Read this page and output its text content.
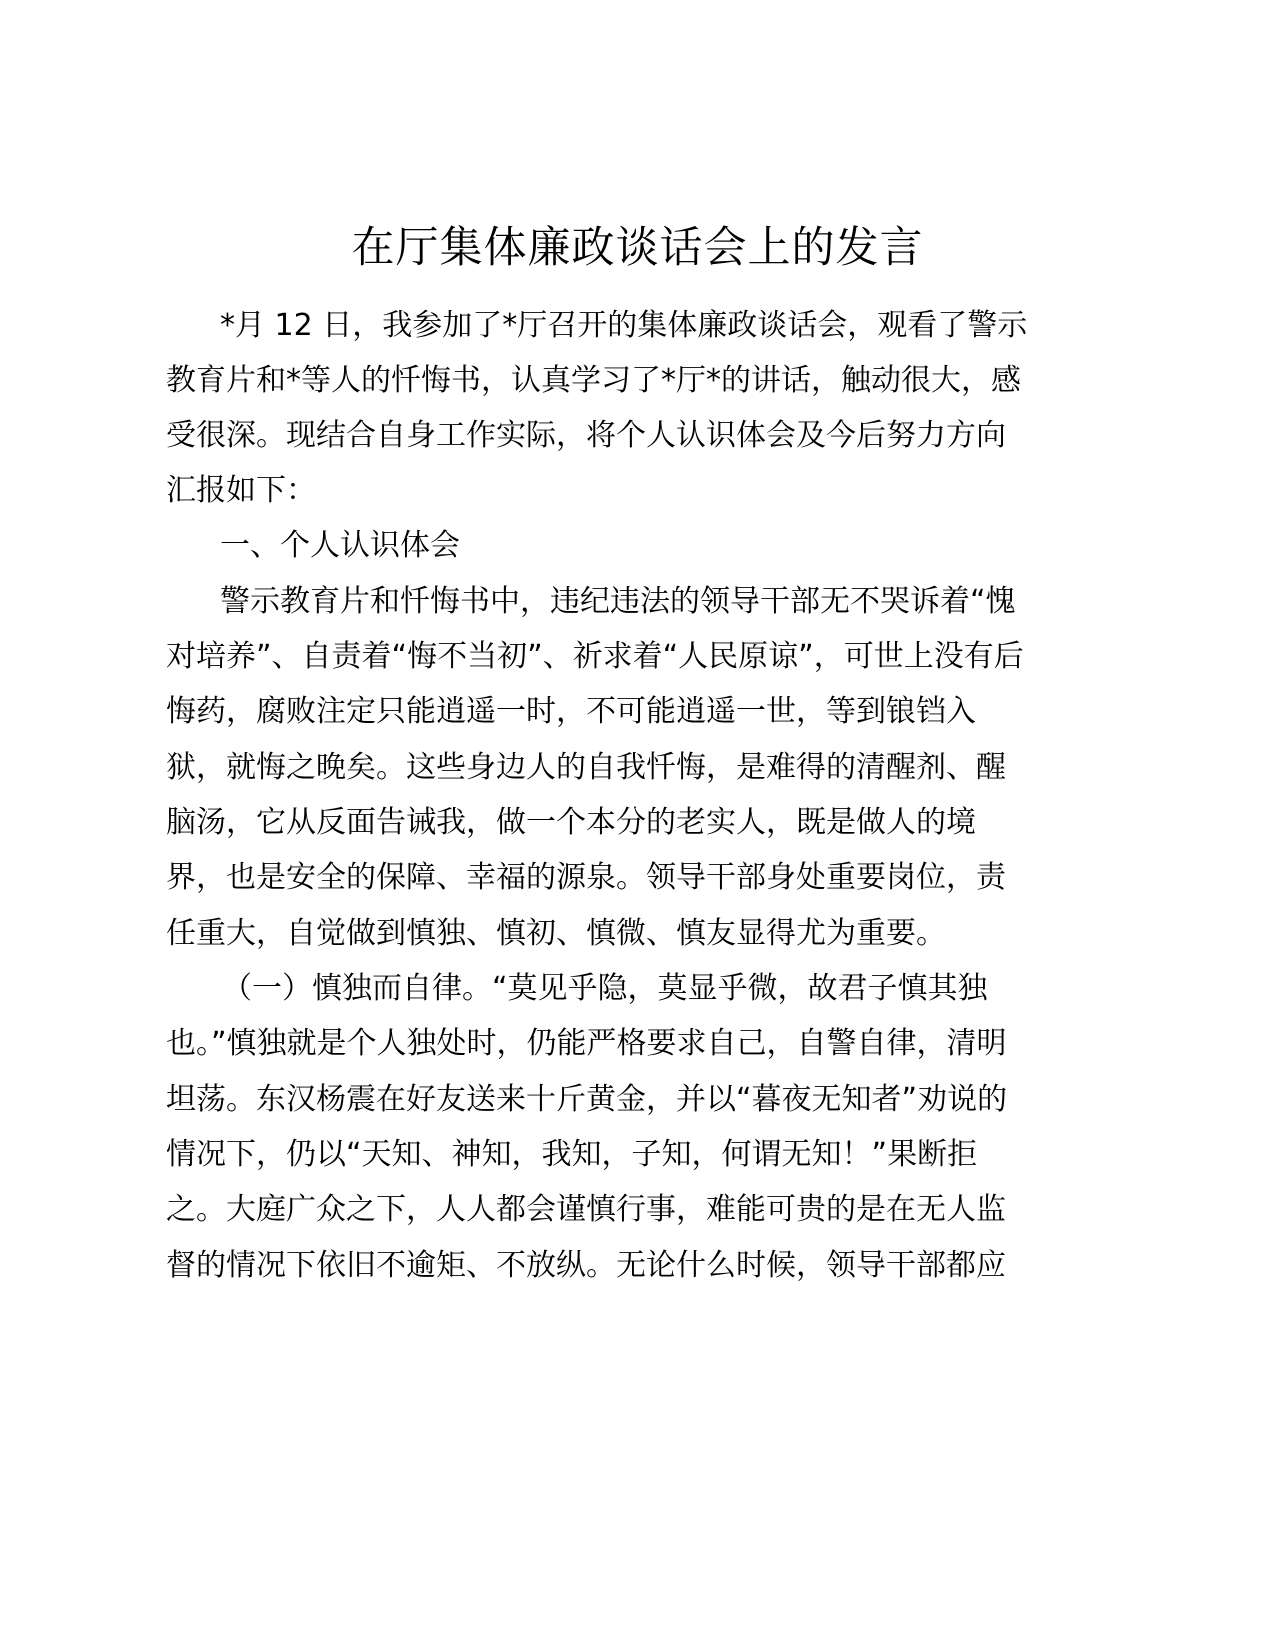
在厅集体廉政谈话会上的发言
*月 12 日，我参加了*厅召开的集体廉政谈话会，观看了警示
教育片和*等人的忏悔书，认真学习了*厅*的讲话，触动很大，感
受很深。现结合自身工作实际，将个人认识体会及今后努力方向
汇报如下：
一、个人认识体会
警示教育片和忏悔书中，违纪违法的领导干部无不哭诉着“愧
对培养”、自责着“悔不当初”、祈求着“人民原谅”，可世上没有后
悔药，腐败注定只能逍遥一时，不可能逍遥一世，等到锒铛入
狱，就悔之晚矣。这些身边人的自我忏悔，是难得的清醒剂、醒
脑汤，它从反面告诫我，做一个本分的老实人，既是做人的境
界，也是安全的保障、幸福的源泉。领导干部身处重要岗位，责
任重大，自觉做到慎独、慎初、慎微、慎友显得尤为重要。
（一）慎独而自律。“莫见乎隐，莫显乎微，故君子慎其独
也。”慎独就是个人独处时，仍能严格要求自己，自警自律，清明
坦荡。东汉杨震在好友送来十斤黄金，并以“暮夜无知者”劝说的
情况下，仍以“天知、神知，我知，子知，何谓无知！”果断拒
之。大庭广众之下，人人都会谨慎行事，难能可贵的是在无人监
督的情况下依旧不逾矩、不放纵。无论什么时候，领导干部都应
